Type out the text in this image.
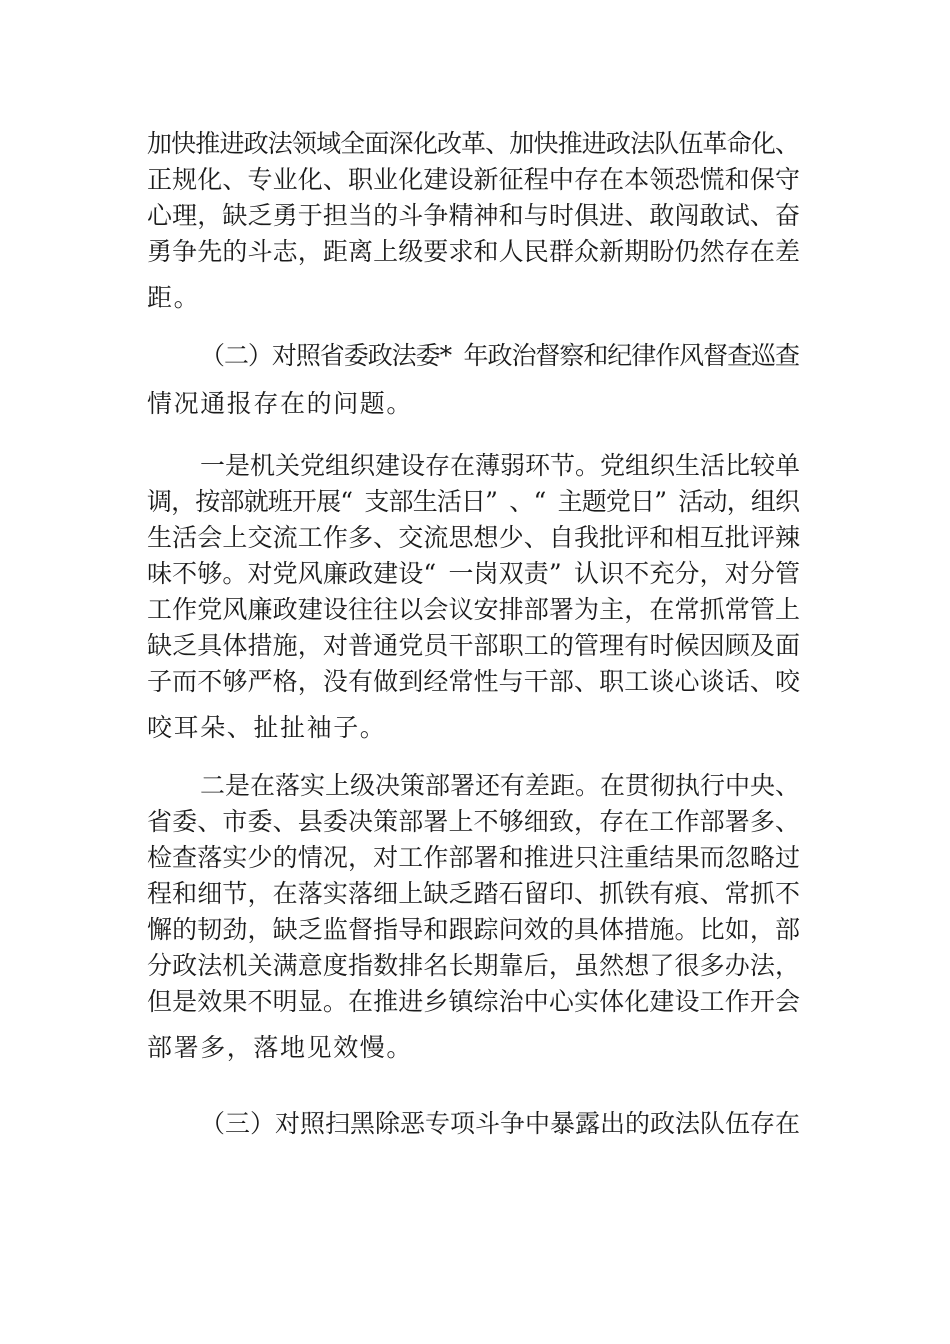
加 快 推 进 政 法 领 域 全 面 深 化 改 革 、 加 快 推 进 政 法 队 伍 革 命 化 、
正 规 化 、 专 业 化 、 职 业 化 建 设 新 征 程 中 存 在 本 领 恐 慌 和 保 守
心 理 ， 缺 乏 勇 于 担 当 的 斗 争 精 神 和 与 时 俱 进 、 敢 闯 敢 试 、 奋
勇 争 先 的 斗 志 ， 距 离 上 级 要 求 和 人 民 群 众 新 期 盼 仍 然 存 在 差
距 。
（
二
）
对
照
省
委
政
法
委
* 年
政
治
督
察
和
纪
律
作
风
督
查
巡
查
情 况 通 报 存 在 的 问 题 。
一 是 机 关 党 组 织 建 设 存 在 薄 弱 环 节 。 党 组 织 生 活 比 较 单
调 ， 按 部 就 班 开 展 “ 支 部 生 活 日 ” 、 “ 主 题 党 日 ” 活 动 ， 组 织
生 活 会 上 交 流 工 作 多 、 交 流 思 想 少 、 自 我 批 评 和 相 互 批 评 辣
味 不 够 。 对 党 风 廉 政 建 设 “ 一 岗 双 责 ” 认 识 不 充 分 ， 对 分 管
工 作 党 风 廉 政 建 设 往 往 以 会 议 安 排 部 署 为 主 ， 在 常 抓 常 管 上
缺 乏 具 体 措 施 ， 对 普 通 党 员 干 部 职 工 的 管 理 有 时 候 因 顾 及 面
子 而 不 够 严 格 ， 没 有 做 到 经 常 性 与 干 部 、 职 工 谈 心 谈 话 、 咬
咬 耳 朵 、 扯 扯 袖 子 。
二 是 在 落 实 上 级 决 策 部 署 还 有 差 距 。 在 贯 彻 执 行 中 央 、
省 委 、 市 委 、 县 委 决 策 部 署 上 不 够 细 致 ， 存 在 工 作 部 署 多 、
检 查 落 实 少 的 情 况 ， 对 工 作 部 署 和 推 进 只 注 重 结 果 而 忽 略 过
程 和 细 节 ， 在 落 实 落 细 上 缺 乏 踏 石 留 印 、 抓 铁 有 痕 、 常 抓 不
懈 的 韧 劲 ， 缺 乏 监 督 指 导 和 跟 踪 问 效 的 具 体 措 施 。 比 如 ， 部
分 政 法 机 关 满 意 度 指 数 排 名 长 期 靠 后 ， 虽 然 想 了 很 多 办 法 ，
但 是 效 果 不 明 显 。 在 推 进 乡 镇 综 治 中 心 实 体 化 建 设 工 作 开 会
部 署 多 ， 落 地 见 效 慢 。
（ 三 ） 对 照 扫 黑 除 恶 专 项 斗 争 中 暴 露 出 的 政 法 队 伍 存 在
